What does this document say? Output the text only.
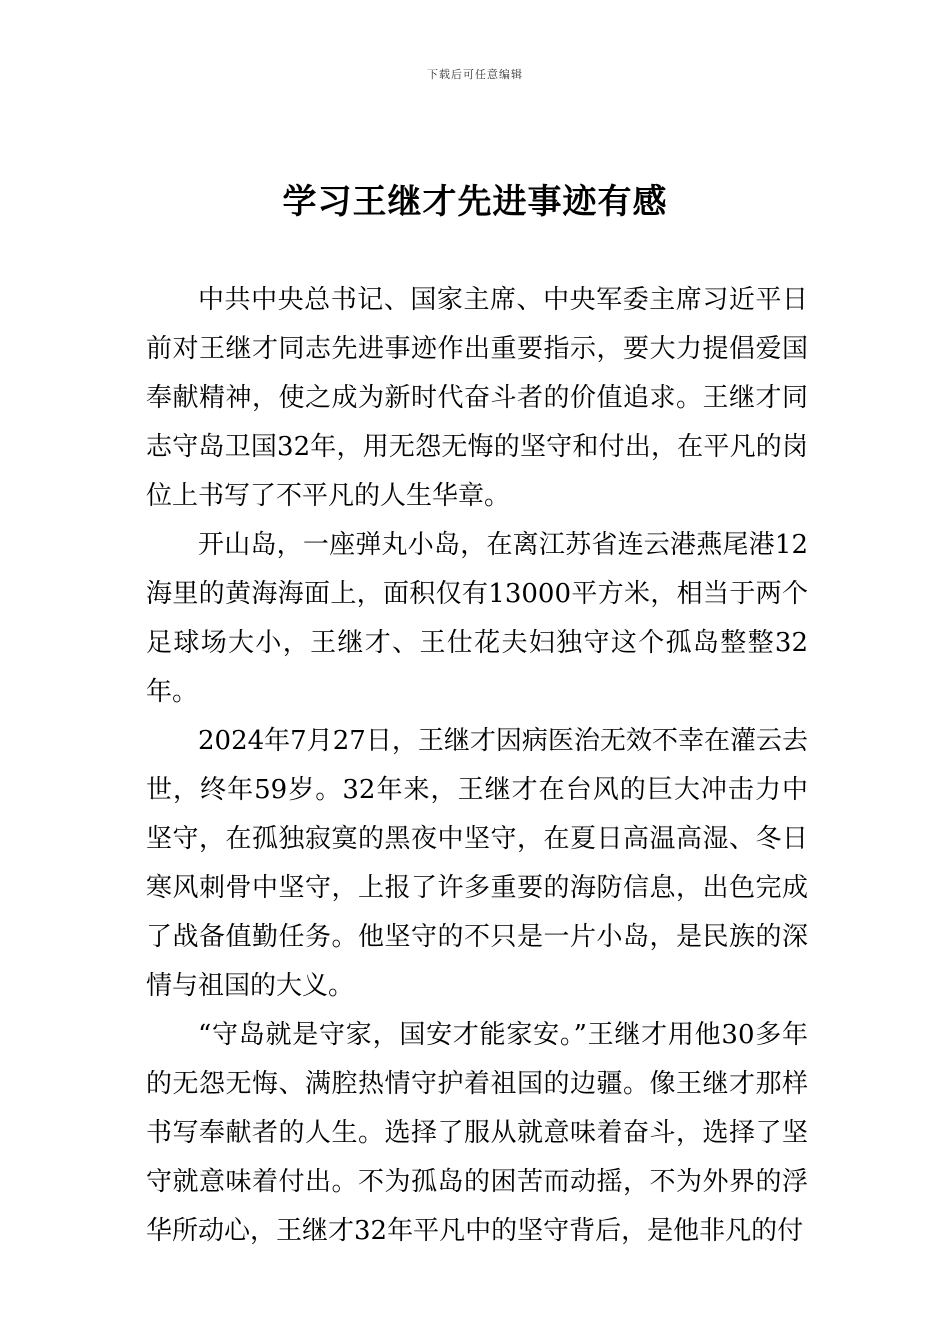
下载后可任意编辑
学习王继才先进事迹有感

中共中央总书记、国家主席、中央军委主席习近平日前对王继才同志先进事迹作出重要指示，要大力提倡爱国奉献精神，使之成为新时代奋斗者的价值追求。王继才同志守岛卫国32年，用无怨无悔的坚守和付出，在平凡的岗位上书写了不平凡的人生华章。

开山岛，一座弹丸小岛，在离江苏省连云港燕尾港12海里的黄海海面上，面积仅有13000平方米，相当于两个足球场大小，王继才、王仕花夫妇独守这个孤岛整整32年。

2024年7月27日，王继才因病医治无效不幸在灌云去世，终年59岁。32年来，王继才在台风的巨大冲击力中坚守，在孤独寂寞的黑夜中坚守，在夏日高温高湿、冬日寒风刺骨中坚守，上报了许多重要的海防信息，出色完成了战备值勤任务。他坚守的不只是一片小岛，是民族的深情与祖国的大义。

“守岛就是守家，国安才能家安。”王继才用他30多年的无怨无悔、满腔热情守护着祖国的边疆。像王继才那样书写奉献者的人生。选择了服从就意味着奋斗，选择了坚守就意味着付出。不为孤岛的困苦而动摇，不为外界的浮华所动心，王继才32年平凡中的坚守背后，是他非凡的付
